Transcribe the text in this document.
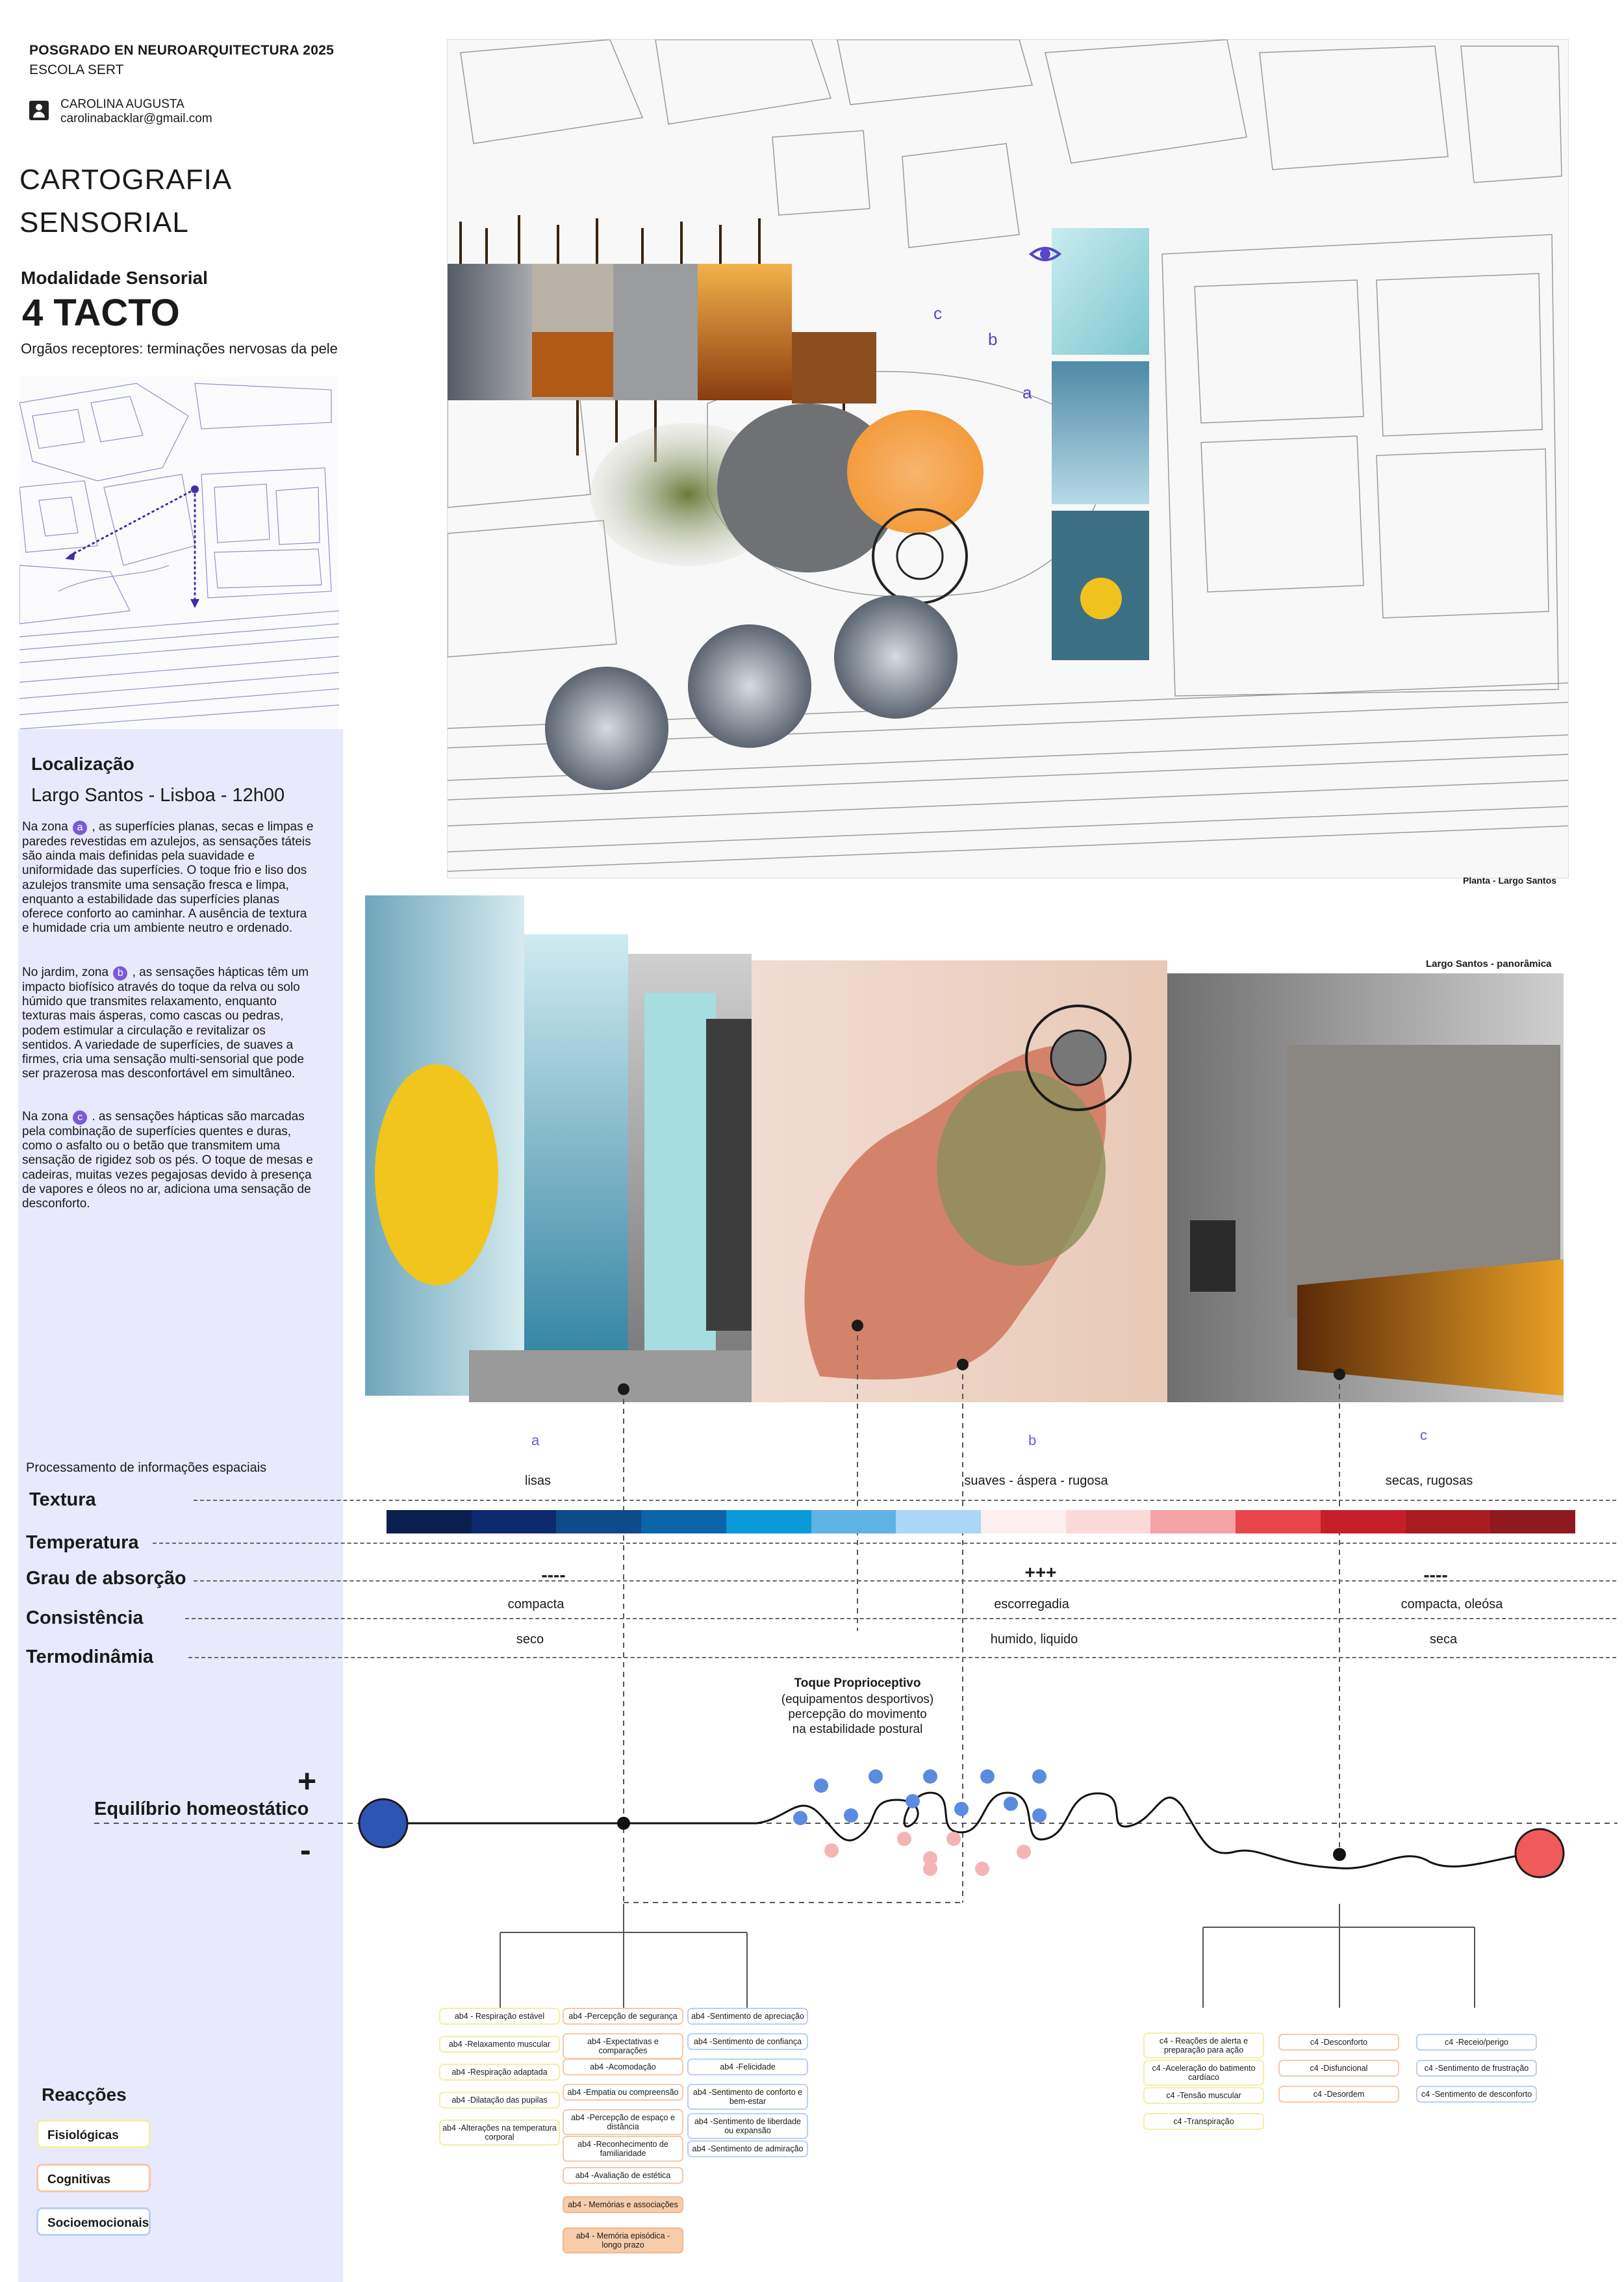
POSGRADO EN NEUROARQUITECTURA 2025
ESCOLA SERT
CAROLINA AUGUSTA
carolinabacklar@gmail.com
CARTOGRAFIA
SENSORIAL
Modalidade Sensorial
4 TACTO
Orgãos receptores: terminações nervosas da pele
Localização
Largo Santos - Lisboa - 12h00
Na zona a , as superfícies planas, secas e limpas e paredes revestidas em azulejos, as sensações táteis são ainda mais definidas pela suavidade e uniformidade das superfícies. O toque frio e liso dos azulejos transmite uma sensação fresca e limpa, enquanto a estabilidade das superfícies planas oferece conforto ao caminhar. A ausência de textura e humidade cria um ambiente neutro e ordenado.
No jardim, zona b , as sensações hápticas têm um impacto biofísico através do toque da relva ou solo húmido que transmites relaxamento, enquanto texturas mais ásperas, como cascas ou pedras, podem estimular a circulação e revitalizar os sentidos. A variedade de superfícies, de suaves a firmes, cria uma sensação multi-sensorial que pode ser prazerosa mas desconfortável em simultâneo.
Na zona c . as sensações hápticas são marcadas pela combinação de superfícies quentes e duras, como o asfalto ou o betão que transmitem uma sensação de rigidez sob os pés. O toque de mesas e cadeiras, muitas vezes pegajosas devido à presença de vapores e óleos no ar, adiciona uma sensação de desconforto.
c
b
a
Planta - Largo Santos
Largo Santos - panorâmica
a	b	c
Processamento de informações espaciais
Textura
lisas	suaves - áspera - rugosa	secas, rugosas
Temperatura
Grau de absorção	----	+++	----
Consistência
compacta	escorregadia	compacta, oleósa
Termodinâmia
seco	humido, liquido	seca
Toque Proprioceptivo
(equipamentos desportivos)
percepção do movimento
na estabilidade postural
Equilíbrio homeostático
+
-
ab4 - Respiração estável
ab4 -Relaxamento muscular
ab4 -Respiração adaptada
ab4 -Dilatação das pupilas
ab4 -Alterações na temperatura corporal
ab4 -Percepção de segurança
ab4 -Expectativas e comparações
ab4 -Acomodação
ab4 -Empatia ou compreensão
ab4 -Percepção de espaço e distância
ab4 -Reconhecimento de familiaridade
ab4 -Avaliação de estética
ab4 - Memórias e associações
ab4 - Memória episódica - longo prazo
ab4 -Sentimento de apreciação
ab4 -Sentimento de confiança
ab4 -Felicidade
ab4 -Sentimento de conforto e bem-estar
ab4 -Sentimento de liberdade ou expansão
ab4 -Sentimento de admiração
c4 - Reações de alerta e preparação para ação
c4 -Aceleração do batimento cardíaco
c4 -Tensão muscular
c4 -Transpiração
c4 -Desconforto
c4 -Disfuncional
c4 -Desordem
c4 -Receio/perigo
c4 -Sentimento de frustração
c4 -Sentimento de desconforto
Reacções
Fisiológicas
Cognitivas
Socioemocionais
